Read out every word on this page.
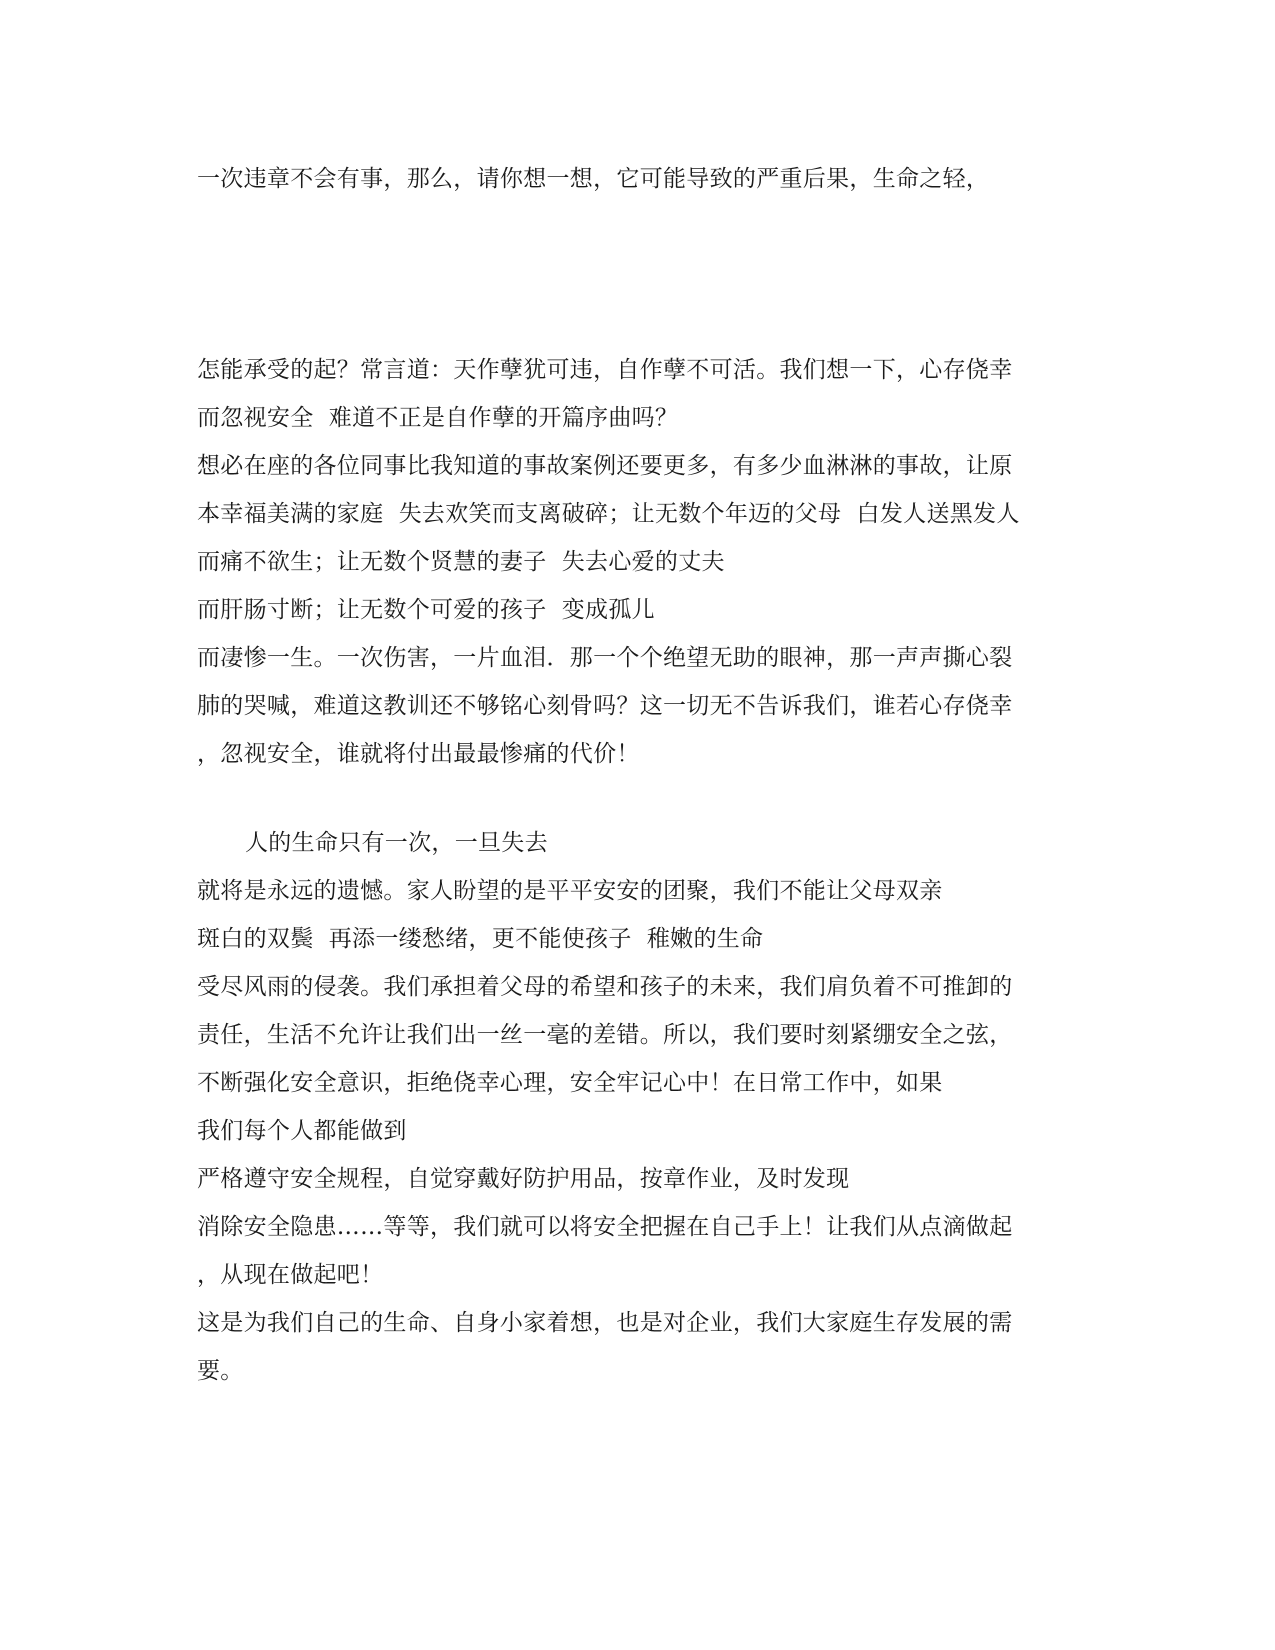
一次违章不会有事，那么，请你想一想，它可能导致的严重后果，生命之轻，
怎能承受的起？常言道：天作孽犹可违，自作孽不可活。我们想一下，心存侥幸
而忽视安全  难道不正是自作孽的开篇序曲吗？
想必在座的各位同事比我知道的事故案例还要更多，有多少血淋淋的事故，让原
本幸福美满的家庭  失去欢笑而支离破碎；让无数个年迈的父母  白发人送黑发人
而痛不欲生；让无数个贤慧的妻子  失去心爱的丈夫
而肝肠寸断；让无数个可爱的孩子  变成孤儿
而凄惨一生。一次伤害，一片血泪．那一个个绝望无助的眼神，那一声声撕心裂
肺的哭喊，难道这教训还不够铭心刻骨吗？这一切无不告诉我们，谁若心存侥幸
，忽视安全，谁就将付出最最惨痛的代价！
人的生命只有一次，一旦失去
就将是永远的遗憾。家人盼望的是平平安安的团聚，我们不能让父母双亲
斑白的双鬓  再添一缕愁绪，更不能使孩子  稚嫩的生命
受尽风雨的侵袭。我们承担着父母的希望和孩子的未来，我们肩负着不可推卸的
责任，生活不允许让我们出一丝一毫的差错。所以，我们要时刻紧绷安全之弦，
不断强化安全意识，拒绝侥幸心理，安全牢记心中！在日常工作中，如果
我们每个人都能做到
严格遵守安全规程，自觉穿戴好防护用品，按章作业，及时发现
消除安全隐患……等等，我们就可以将安全把握在自己手上！让我们从点滴做起
，从现在做起吧！
这是为我们自己的生命、自身小家着想，也是对企业，我们大家庭生存发展的需
要。
